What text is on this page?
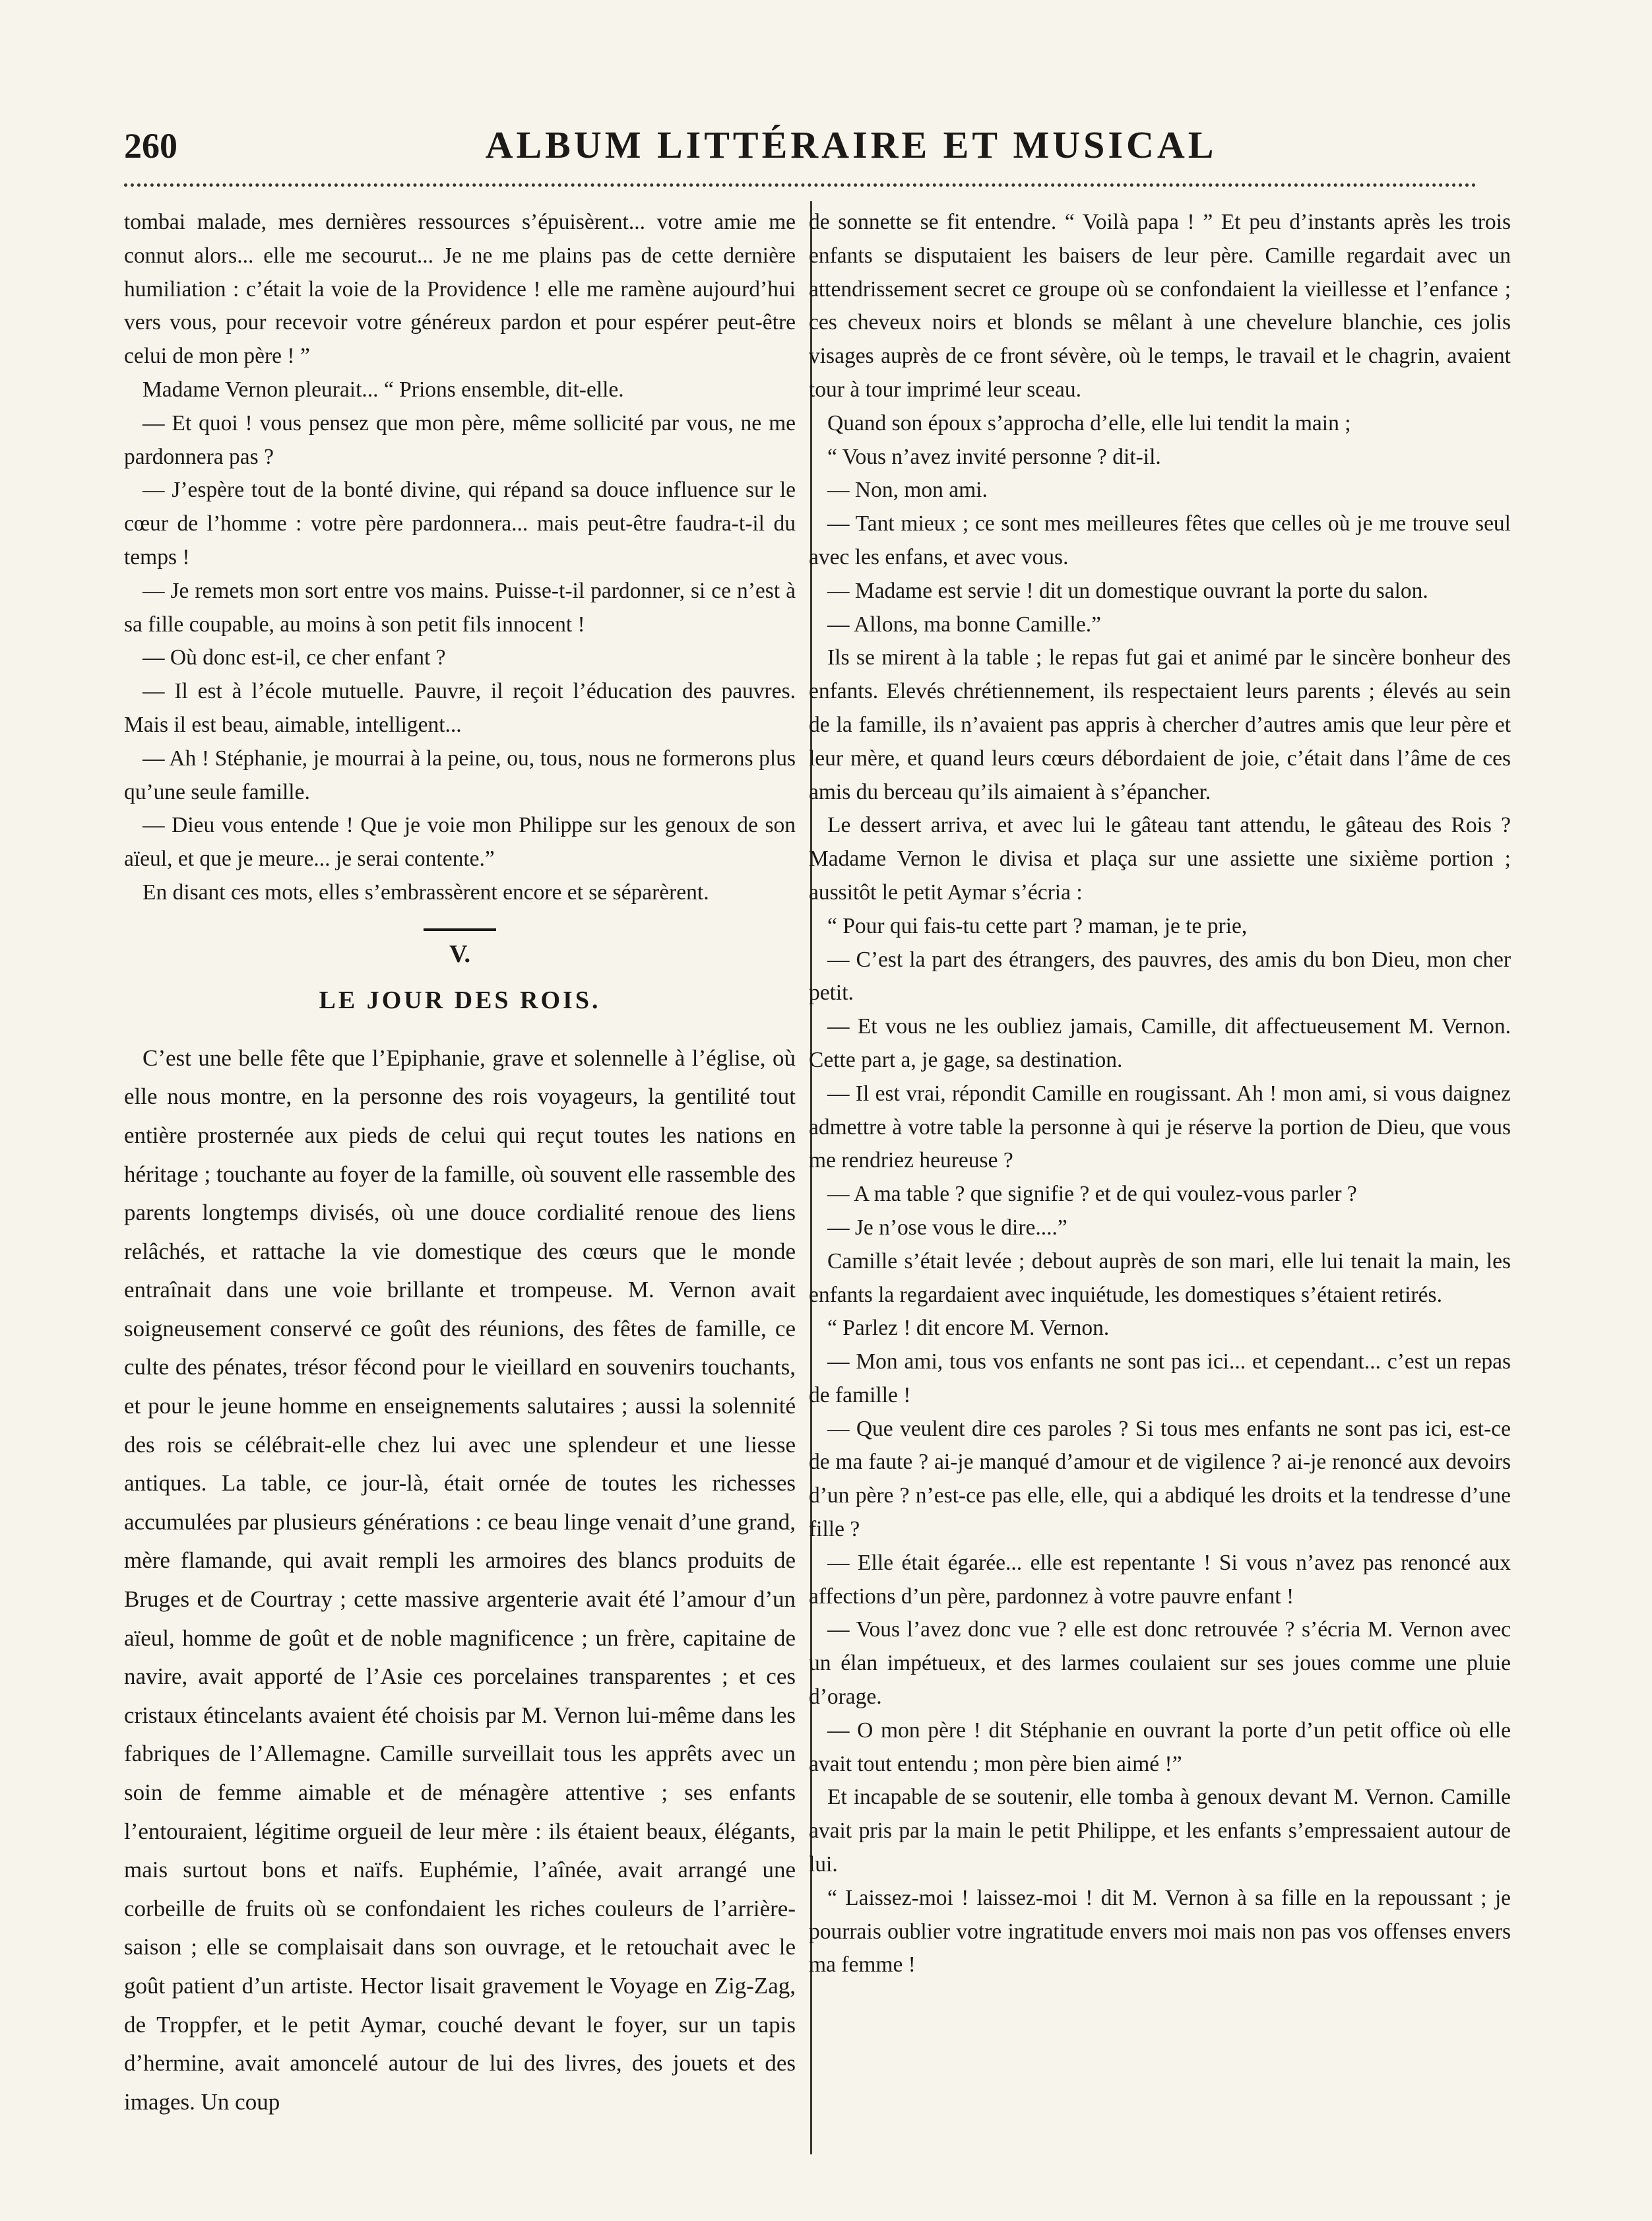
260	ALBUM LITTÉRAIRE ET MUSICAL

tombai malade, mes dernières ressources s’épuisèrent... votre amie me connut alors... elle me secourut... Je ne me plains pas de cette dernière humiliation : c’était la voie de la Providence ! elle me ramène aujourd’hui vers vous, pour recevoir votre généreux pardon et pour espérer peut-être celui de mon père ! ”

Madame Vernon pleurait... “ Prions ensemble, dit-elle.

— Et quoi ! vous pensez que mon père, même sollicité par vous, ne me pardonnera pas ?

— J’espère tout de la bonté divine, qui répand sa douce influence sur le cœur de l’homme : votre père pardonnera... mais peut-être faudra-t-il du temps !

— Je remets mon sort entre vos mains. Puisse-t-il pardonner, si ce n’est à sa fille coupable, au moins à son petit fils innocent !

— Où donc est-il, ce cher enfant ?

— Il est à l’école mutuelle. Pauvre, il reçoit l’éducation des pauvres. Mais il est beau, aimable, intelligent...

— Ah ! Stéphanie, je mourrai à la peine, ou, tous, nous ne formerons plus qu’une seule famille.

— Dieu vous entende ! Que je voie mon Philippe sur les genoux de son aïeul, et que je meure... je serai contente.”

En disant ces mots, elles s’embrassèrent encore et se séparèrent.

V.
LE JOUR DES ROIS.

C’est une belle fête que l’Epiphanie, grave et solennelle à l’église, où elle nous montre, en la personne des rois voyageurs, la gentilité tout entière prosternée aux pieds de celui qui reçut toutes les nations en héritage ; touchante au foyer de la famille, où souvent elle rassemble des parents longtemps divisés, où une douce cordialité renoue des liens relâchés, et rattache la vie domestique des cœurs que le monde entraînait dans une voie brillante et trompeuse. M. Vernon avait soigneusement conservé ce goût des réunions, des fêtes de famille, ce culte des pénates, trésor fécond pour le vieillard en souvenirs touchants, et pour le jeune homme en enseignements salutaires ; aussi la solennité des rois se célébrait-elle chez lui avec une splendeur et une liesse antiques. La table, ce jour-là, était ornée de toutes les richesses accumulées par plusieurs générations : ce beau linge venait d’une grand, mère flamande, qui avait rempli les armoires des blancs produits de Bruges et de Courtray ; cette massive argenterie avait été l’amour d’un aïeul, homme de goût et de noble magnificence ; un frère, capitaine de navire, avait apporté de l’Asie ces porcelaines transparentes ; et ces cristaux étincelants avaient été choisis par M. Vernon lui-même dans les fabriques de l’Allemagne. Camille surveillait tous les apprêts avec un soin de femme aimable et de ménagère attentive ; ses enfants l’entouraient, légitime orgueil de leur mère : ils étaient beaux, élégants, mais surtout bons et naïfs. Euphémie, l’aînée, avait arrangé une corbeille de fruits où se confondaient les riches couleurs de l’arrière-saison ; elle se complaisait dans son ouvrage, et le retouchait avec le goût patient d’un artiste. Hector lisait gravement le Voyage en Zig-Zag, de Troppfer, et le petit Aymar, couché devant le foyer, sur un tapis d’hermine, avait amoncelé autour de lui des livres, des jouets et des images. Un coup

de sonnette se fit entendre. “ Voilà papa ! ” Et peu d’instants après les trois enfants se disputaient les baisers de leur père. Camille regardait avec un attendrissement secret ce groupe où se confondaient la vieillesse et l’enfance ; ces cheveux noirs et blonds se mêlant à une chevelure blanchie, ces jolis visages auprès de ce front sévère, où le temps, le travail et le chagrin, avaient tour à tour imprimé leur sceau.

Quand son époux s’approcha d’elle, elle lui tendit la main ;

“ Vous n’avez invité personne ? dit-il.

— Non, mon ami.

— Tant mieux ; ce sont mes meilleures fêtes que celles où je me trouve seul avec les enfans, et avec vous.

— Madame est servie ! dit un domestique ouvrant la porte du salon.

— Allons, ma bonne Camille.”

Ils se mirent à la table ; le repas fut gai et animé par le sincère bonheur des enfants. Elevés chrétiennement, ils respectaient leurs parents ; élevés au sein de la famille, ils n’avaient pas appris à chercher d’autres amis que leur père et leur mère, et quand leurs cœurs débordaient de joie, c’était dans l’âme de ces amis du berceau qu’ils aimaient à s’épancher.

Le dessert arriva, et avec lui le gâteau tant attendu, le gâteau des Rois ? Madame Vernon le divisa et plaça sur une assiette une sixième portion ; aussitôt le petit Aymar s’écria :

“ Pour qui fais-tu cette part ? maman, je te prie,

— C’est la part des étrangers, des pauvres, des amis du bon Dieu, mon cher petit.

— Et vous ne les oubliez jamais, Camille, dit affectueusement M. Vernon. Cette part a, je gage, sa destination.

— Il est vrai, répondit Camille en rougissant. Ah ! mon ami, si vous daignez admettre à votre table la personne à qui je réserve la portion de Dieu, que vous me rendriez heureuse ?

— A ma table ? que signifie ? et de qui voulez-vous parler ?

— Je n’ose vous le dire....”

Camille s’était levée ; debout auprès de son mari, elle lui tenait la main, les enfants la regardaient avec inquiétude, les domestiques s’étaient retirés.

“ Parlez ! dit encore M. Vernon.

— Mon ami, tous vos enfants ne sont pas ici... et cependant... c’est un repas de famille !

— Que veulent dire ces paroles ? Si tous mes enfants ne sont pas ici, est-ce de ma faute ? ai-je manqué d’amour et de vigilence ? ai-je renoncé aux devoirs d’un père ? n’est-ce pas elle, elle, qui a abdiqué les droits et la tendresse d’une fille ?

— Elle était égarée... elle est repentante ! Si vous n’avez pas renoncé aux affections d’un père, pardonnez à votre pauvre enfant !

— Vous l’avez donc vue ? elle est donc retrouvée ? s’écria M. Vernon avec un élan impétueux, et des larmes coulaient sur ses joues comme une pluie d’orage.

— O mon père ! dit Stéphanie en ouvrant la porte d’un petit office où elle avait tout entendu ; mon père bien aimé !”

Et incapable de se soutenir, elle tomba à genoux devant M. Vernon. Camille avait pris par la main le petit Philippe, et les enfants s’empressaient autour de lui.

“ Laissez-moi ! laissez-moi ! dit M. Vernon à sa fille en la repoussant ; je pourrais oublier votre ingratitude envers moi mais non pas vos offenses envers ma femme !
